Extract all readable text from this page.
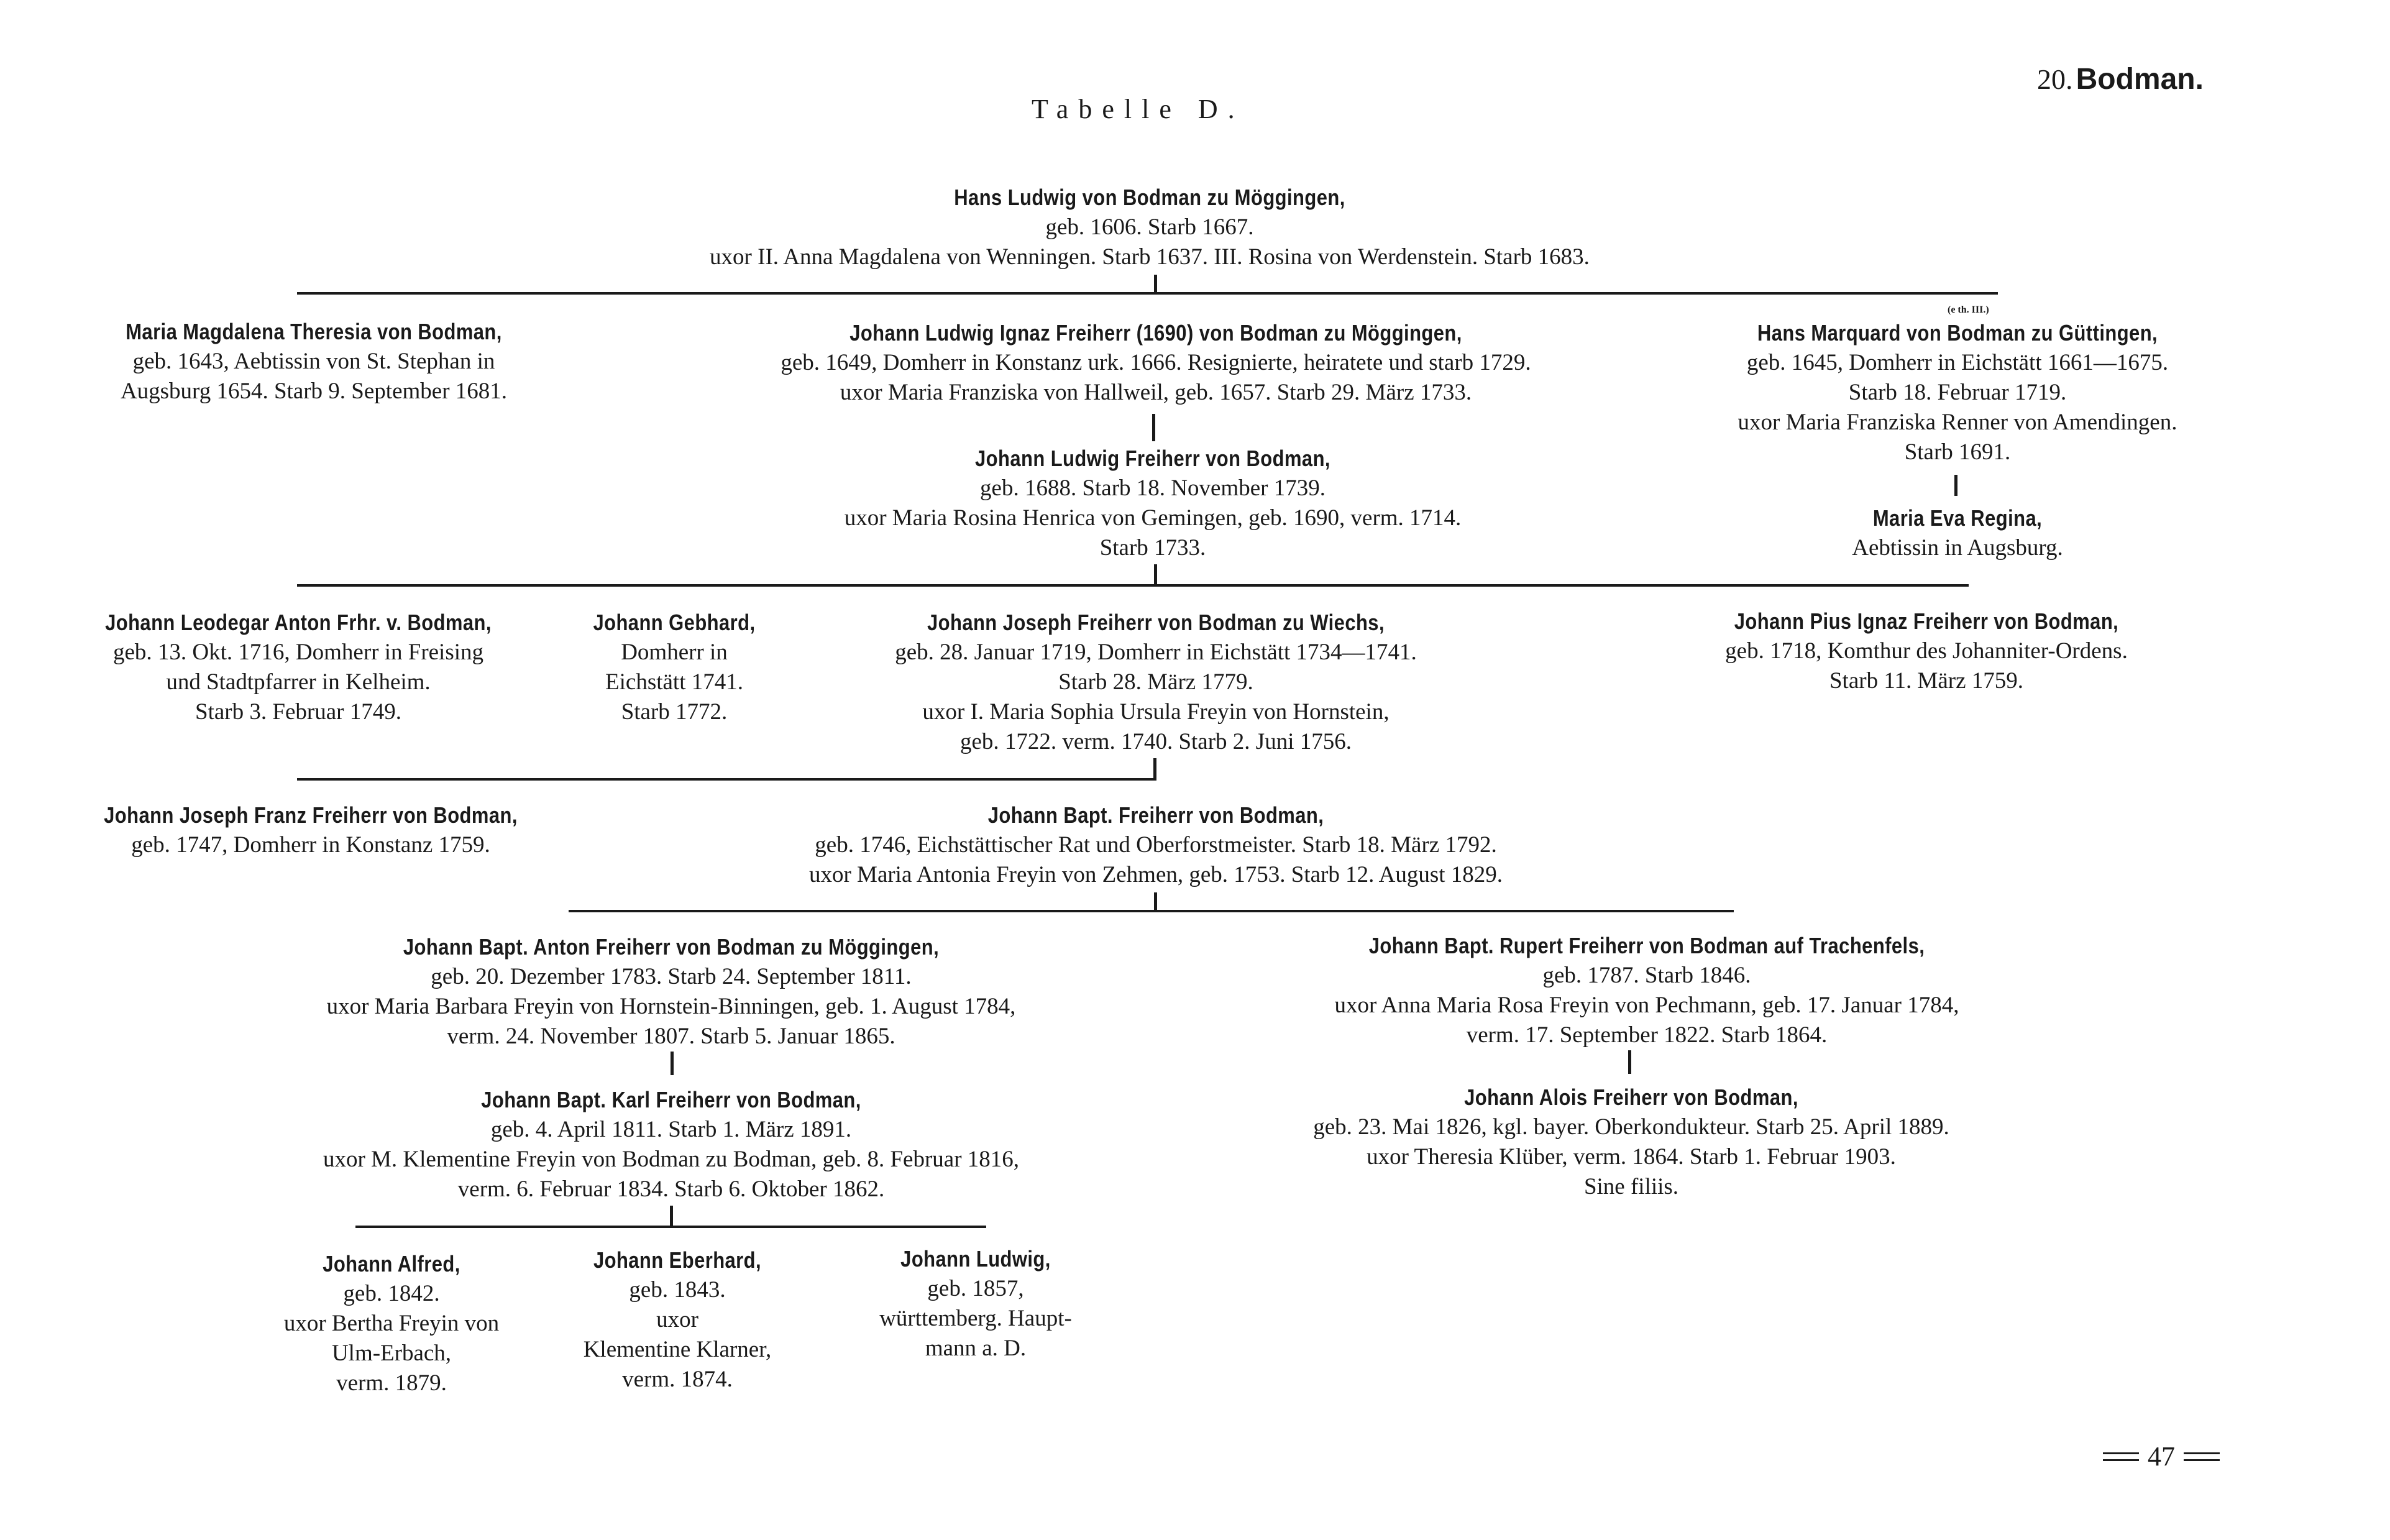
Tabelle D.
20. Bodman.
Hans Ludwig von Bodman zu Möggingen,
geb. 1606. Starb 1667.
uxor II. Anna Magdalena von Wenningen. Starb 1637. III. Rosina von Werdenstein. Starb 1683.
Maria Magdalena Theresia von Bodman,
geb. 1643, Aebtissin von St. Stephan in
Augsburg 1654. Starb 9. September 1681.
Johann Ludwig Ignaz Freiherr (1690) von Bodman zu Möggingen,
geb. 1649, Domherr in Konstanz urk. 1666. Resignierte, heiratete und starb 1729.
uxor Maria Franziska von Hallweil, geb. 1657. Starb 29. März 1733.
(e th. III.)
Hans Marquard von Bodman zu Güttingen,
geb. 1645, Domherr in Eichstätt 1661—1675.
Starb 18. Februar 1719.
uxor Maria Franziska Renner von Amendingen.
Starb 1691.
Johann Ludwig Freiherr von Bodman,
geb. 1688. Starb 18. November 1739.
uxor Maria Rosina Henrica von Gemingen, geb. 1690, verm. 1714.
Starb 1733.
Maria Eva Regina,
Aebtissin in Augsburg.
Johann Leodegar Anton Frhr. v. Bodman,
geb. 13. Okt. 1716, Domherr in Freising
und Stadtpfarrer in Kelheim.
Starb 3. Februar 1749.
Johann Gebhard,
Domherr in
Eichstätt 1741.
Starb 1772.
Johann Joseph Freiherr von Bodman zu Wiechs,
geb. 28. Januar 1719, Domherr in Eichstätt 1734—1741.
Starb 28. März 1779.
uxor I. Maria Sophia Ursula Freyin von Hornstein,
geb. 1722. verm. 1740. Starb 2. Juni 1756.
Johann Pius Ignaz Freiherr von Bodman,
geb. 1718, Komthur des Johanniter-Ordens.
Starb 11. März 1759.
Johann Joseph Franz Freiherr von Bodman,
geb. 1747, Domherr in Konstanz 1759.
Johann Bapt. Freiherr von Bodman,
geb. 1746, Eichstättischer Rat und Oberforstmeister. Starb 18. März 1792.
uxor Maria Antonia Freyin von Zehmen, geb. 1753. Starb 12. August 1829.
Johann Bapt. Anton Freiherr von Bodman zu Möggingen,
geb. 20. Dezember 1783. Starb 24. September 1811.
uxor Maria Barbara Freyin von Hornstein-Binningen, geb. 1. August 1784,
verm. 24. November 1807. Starb 5. Januar 1865.
Johann Bapt. Rupert Freiherr von Bodman auf Trachenfels,
geb. 1787. Starb 1846.
uxor Anna Maria Rosa Freyin von Pechmann, geb. 17. Januar 1784,
verm. 17. September 1822. Starb 1864.
Johann Bapt. Karl Freiherr von Bodman,
geb. 4. April 1811. Starb 1. März 1891.
uxor M. Klementine Freyin von Bodman zu Bodman, geb. 8. Februar 1816,
verm. 6. Februar 1834. Starb 6. Oktober 1862.
Johann Alois Freiherr von Bodman,
geb. 23. Mai 1826, kgl. bayer. Oberkondukteur. Starb 25. April 1889.
uxor Theresia Klüber, verm. 1864. Starb 1. Februar 1903.
Sine filiis.
Johann Alfred,
geb. 1842.
uxor Bertha Freyin von
Ulm-Erbach,
verm. 1879.
Johann Eberhard,
geb. 1843.
uxor
Klementine Klarner,
verm. 1874.
Johann Ludwig,
geb. 1857,
württemberg. Haupt-
mann a. D.
47
